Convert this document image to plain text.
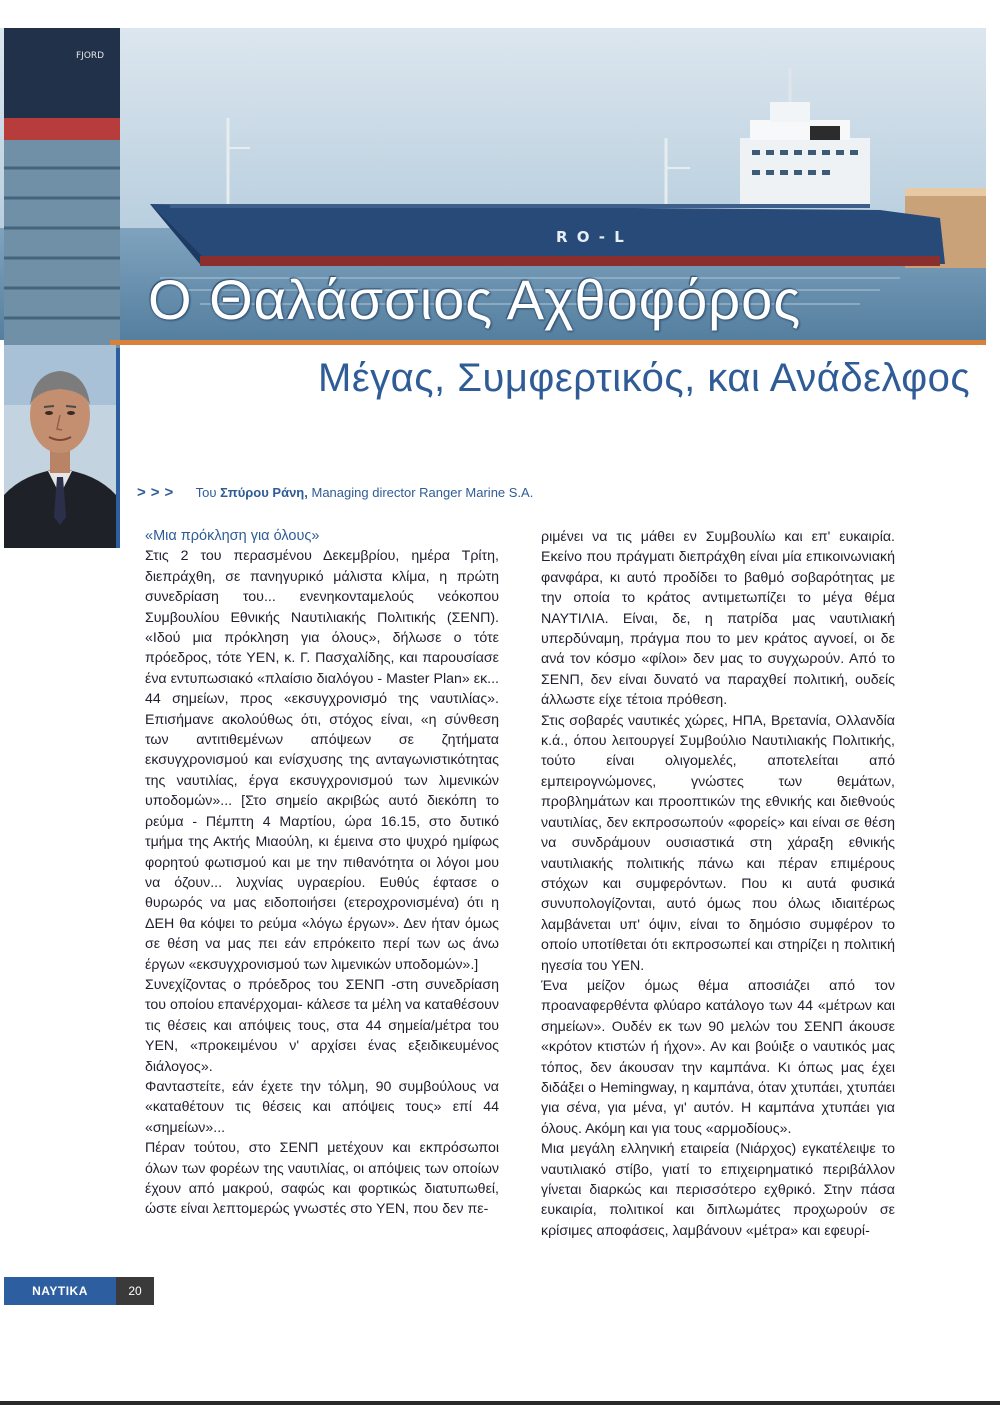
R O - L
FJORD
Ο Θαλάσσιος Αχθοφόρος
Μέγας, Συμφερτικός, και Ανάδελφος
>>> Του Σπύρου Ράνη, Managing director Ranger Marine S.A.

«Μια πρόκληση για όλους»

Στις 2 του περασμένου Δεκεμβρίου, ημέρα Τρίτη, διεπράχθη, σε πανηγυρικό μάλιστα κλίμα, η πρώτη συνεδρίαση του... ενενηκονταμελούς νεόκοπου Συμβουλίου Εθνικής Ναυτιλιακής Πολιτικής (ΣΕΝΠ). «Ιδού μια πρόκληση για όλους», δήλωσε ο τότε πρόεδρος, τότε ΥΕΝ, κ. Γ. Πασχαλίδης, και παρουσίασε ένα εντυπωσιακό «πλαίσιο διαλόγου - Master Plan» εκ... 44 σημείων, προς «εκσυγχρονισμό της ναυτιλίας». Επισήμανε ακολούθως ότι, στόχος είναι, «η σύνθεση των αντιτιθεμένων απόψεων σε ζητήματα εκσυγχρονισμού και ενίσχυσης της ανταγωνιστικότητας της ναυτιλίας, έργα εκσυγχρονισμού των λιμενικών υποδομών»... [Στο σημείο ακριβώς αυτό διεκόπη το ρεύμα - Πέμπτη 4 Μαρτίου, ώρα 16.15, στο δυτικό τμήμα της Ακτής Μιαούλη, κι έμεινα στο ψυχρό ημίφως φορητού φωτισμού και με την πιθανότητα οι λόγοι μου να όζουν... λυχνίας υγραερίου. Ευθύς έφτασε ο θυρωρός να μας ειδοποιήσει (ετεροχρονισμένα) ότι η ΔΕΗ θα κόψει το ρεύμα «λόγω έργων». Δεν ήταν όμως σε θέση να μας πει εάν επρόκειτο περί των ως άνω έργων «εκσυγχρονισμού των λιμενικών υποδομών».]

Συνεχίζοντας ο πρόεδρος του ΣΕΝΠ -στη συνεδρίαση του οποίου επανέρχομαι- κάλεσε τα μέλη να καταθέσουν τις θέσεις και απόψεις τους, στα 44 σημεία/μέτρα του ΥΕΝ, «προκειμένου ν' αρχίσει ένας εξειδικευμένος διάλογος».

Φανταστείτε, εάν έχετε την τόλμη, 90 συμβούλους να «καταθέτουν τις θέσεις και απόψεις τους» επί 44 «σημείων»...

Πέραν τούτου, στο ΣΕΝΠ μετέχουν και εκπρόσωποι όλων των φορέων της ναυτιλίας, οι απόψεις των οποίων έχουν από μακρού, σαφώς και φορτικώς διατυπωθεί, ώστε είναι λεπτομερώς γνωστές στο ΥΕΝ, που δεν πε-

ριμένει να τις μάθει εν Συμβουλίω και επ' ευκαιρία. Εκείνο που πράγματι διεπράχθη είναι μία επικοινωνιακή φανφάρα, κι αυτό προδίδει το βαθμό σοβαρότητας με την οποία το κράτος αντιμετωπίζει το μέγα θέμα ΝΑΥΤΙΛΙΑ. Είναι, δε, η πατρίδα μας ναυτιλιακή υπερδύναμη, πράγμα που το μεν κράτος αγνοεί, οι δε ανά τον κόσμο «φίλοι» δεν μας το συγχωρούν. Από το ΣΕΝΠ, δεν είναι δυνατό να παραχθεί πολιτική, ουδείς άλλωστε είχε τέτοια πρόθεση.

Στις σοβαρές ναυτικές χώρες, ΗΠΑ, Βρετανία, Ολλανδία κ.ά., όπου λειτουργεί Συμβούλιο Ναυτιλιακής Πολιτικής, τούτο είναι ολιγομελές, αποτελείται από εμπειρογνώμονες, γνώστες των θεμάτων, προβλημάτων και προοπτικών της εθνικής και διεθνούς ναυτιλίας, δεν εκπροσωπούν «φορείς» και είναι σε θέση να συνδράμουν ουσιαστικά στη χάραξη εθνικής ναυτιλιακής πολιτικής πάνω και πέραν επιμέρους στόχων και συμφερόντων. Που κι αυτά φυσικά συνυπολογίζονται, αυτό όμως που όλως ιδιαιτέρως λαμβάνεται υπ' όψιν, είναι το δημόσιο συμφέρον το οποίο υποτίθεται ότι εκπροσωπεί και στηρίζει η πολιτική ηγεσία του ΥΕΝ.

Ένα μείζον όμως θέμα αποσιάζει από τον προαναφερθέντα φλύαρο κατάλογο των 44 «μέτρων και σημείων». Ουδέν εκ των 90 μελών του ΣΕΝΠ άκουσε «κρότον κτιστών ή ήχον». Αν και βούιξε ο ναυτικός μας τόπος, δεν άκουσαν την καμπάνα. Κι όπως μας έχει διδάξει ο Hemingway, η καμπάνα, όταν χτυπάει, χτυπάει για σένα, για μένα, γι' αυτόν. Η καμπάνα χτυπάει για όλους. Ακόμη και για τους «αρμοδίους».

Μια μεγάλη ελληνική εταιρεία (Νιάρχος) εγκατέλειψε το ναυτιλιακό στίβο, γιατί το επιχειρηματικό περιβάλλον γίνεται διαρκώς και περισσότερο εχθρικό. Στην πάσα ευκαιρία, πολιτικοί και διπλωμάτες προχωρούν σε κρίσιμες αποφάσεις, λαμβάνουν «μέτρα» και εφευρί-

ΝΑΥΤΙΚΑ ΧΡΟΝΙΚΑ
20
